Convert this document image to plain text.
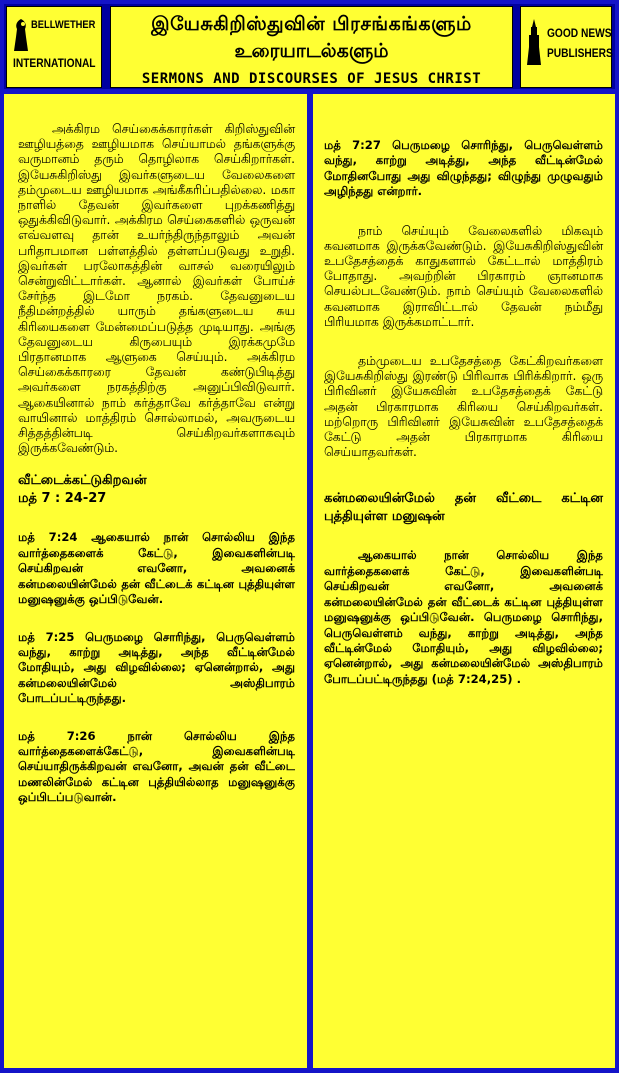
BELLWETHER
INTERNATIONAL
இயேசுகிறிஸ்துவின் பிரசங்கங்களும்
உரையாடல்களும்
SERMONS AND DISCOURSES OF JESUS CHRIST
GOOD NEWS
PUBLISHERS

அக்கிரம செய்கைக்காரர்கள் கிறிஸ்துவின் ஊழியத்தை ஊழியமாக செய்யாமல் தங்களுக்கு வருமானம் தரும் தொழிலாக செய்கிறார்கள். இயேசுகிறிஸ்து இவர்களுடைய வேலைகளை தம்முடைய ஊழியமாக அங்கீகரிப்பதில்லை. மகா நாளில் தேவன் இவர்களை புறக்கணித்து ஒதுக்கிவிடுவார். அக்கிரம செய்கைகளில் ஒருவன் எவ்வளவு தான் உயர்ந்திருந்தாலும் அவன் பரிதாபமான பள்ளத்தில் தள்ளப்படுவது உறுதி. இவர்கள் பரலோகத்தின் வாசல் வரையிலும் சென்றுவிட்டார்கள். ஆனால் இவர்கள் போய்ச் சேர்ந்த இடமோ நரகம். தேவனுடைய நீதிமன்றத்தில் யாரும் தங்களுடைய சுய கிரியைகளை மேன்மைப்படுத்த முடியாது. அங்கு தேவனுடைய கிருபையும் இரக்கமுமே பிரதானமாக ஆளுகை செய்யும். அக்கிரம செய்கைக்காரரை தேவன் கண்டுபிடித்து அவர்களை நரகத்திற்கு அனுப்பிவிடுவார். ஆகையினால் நாம் கர்த்தாவே கர்த்தாவே என்று வாயினால் மாத்திரம் சொல்லாமல், அவருடைய சித்தத்தின்படி செய்கிறவர்களாகவும் இருக்கவேண்டும்.

வீட்டைக்கட்டுகிறவன்
மத் 7 : 24-27

மத் 7:24 ஆகையால் நான் சொல்லிய இந்த வார்த்தைகளைக் கேட்டு, இவைகளின்படி செய்கிறவன் எவனோ, அவனைக் கன்மலையின்மேல் தன் வீட்டைக் கட்டின புத்தியுள்ள மனுஷனுக்கு ஒப்பிடுவேன்.

மத் 7:25 பெருமழை சொரிந்து, பெருவெள்ளம் வந்து, காற்று அடித்து, அந்த வீட்டின்மேல் மோதியும், அது விழவில்லை; ஏனென்றால், அது கன்மலையின்மேல் அஸ்திபாரம் போடப்பட்டிருந்தது.

மத் 7:26 நான் சொல்லிய இந்த வார்த்தைகளைக்கேட்டு, இவைகளின்படி செய்யாதிருக்கிறவன் எவனோ, அவன் தன் வீட்டை மணலின்மேல் கட்டின புத்தியில்லாத மனுஷனுக்கு ஒப்பிடப்படுவான்.

மத் 7:27 பெருமழை சொரிந்து, பெருவெள்ளம் வந்து, காற்று அடித்து, அந்த வீட்டின்மேல் மோதினபோது அது விழுந்தது; விழுந்து முழுவதும் அழிந்தது என்றார்.

நாம் செய்யும் வேலைகளில் மிகவும் கவனமாக இருக்கவேண்டும். இயேசுகிறிஸ்துவின் உபதேசத்தைக் காதுகளால் கேட்டால் மாத்திரம் போதாது. அவற்றின் பிரகாரம் ஞானமாக செயல்படவேண்டும். நாம் செய்யும் வேலைகளில் கவனமாக இராவிட்டால் தேவன் நம்மீது பிரியமாக இருக்கமாட்டார்.

தம்முடைய உபதேசத்தை கேட்கிறவர்களை இயேசுகிறிஸ்து இரண்டு பிரிவாக பிரிக்கிறார். ஒரு பிரிவினர் இயேசுவின் உபதேசத்தைக் கேட்டு அதன் பிரகாரமாக கிரியை செய்கிறவர்கள். மற்றொரு பிரிவினர் இயேசுவின் உபதேசத்தைக் கேட்டு அதன் பிரகாரமாக கிரியை செய்யாதவர்கள்.

கன்மலையின்மேல் தன் வீட்டை கட்டின புத்தியுள்ள மனுஷன்

ஆகையால் நான் சொல்லிய இந்த வார்த்தைகளைக் கேட்டு, இவைகளின்படி செய்கிறவன் எவனோ, அவனைக் கன்மலையின்மேல் தன் வீட்டைக் கட்டின புத்தியுள்ள மனுஷனுக்கு ஒப்பிடுவேன். பெருமழை சொரிந்து, பெருவெள்ளம் வந்து, காற்று அடித்து, அந்த வீட்டின்மேல் மோதியும், அது விழவில்லை; ஏனென்றால், அது கன்மலையின்மேல் அஸ்திபாரம் போடப்பட்டிருந்தது (மத் 7:24,25) .
